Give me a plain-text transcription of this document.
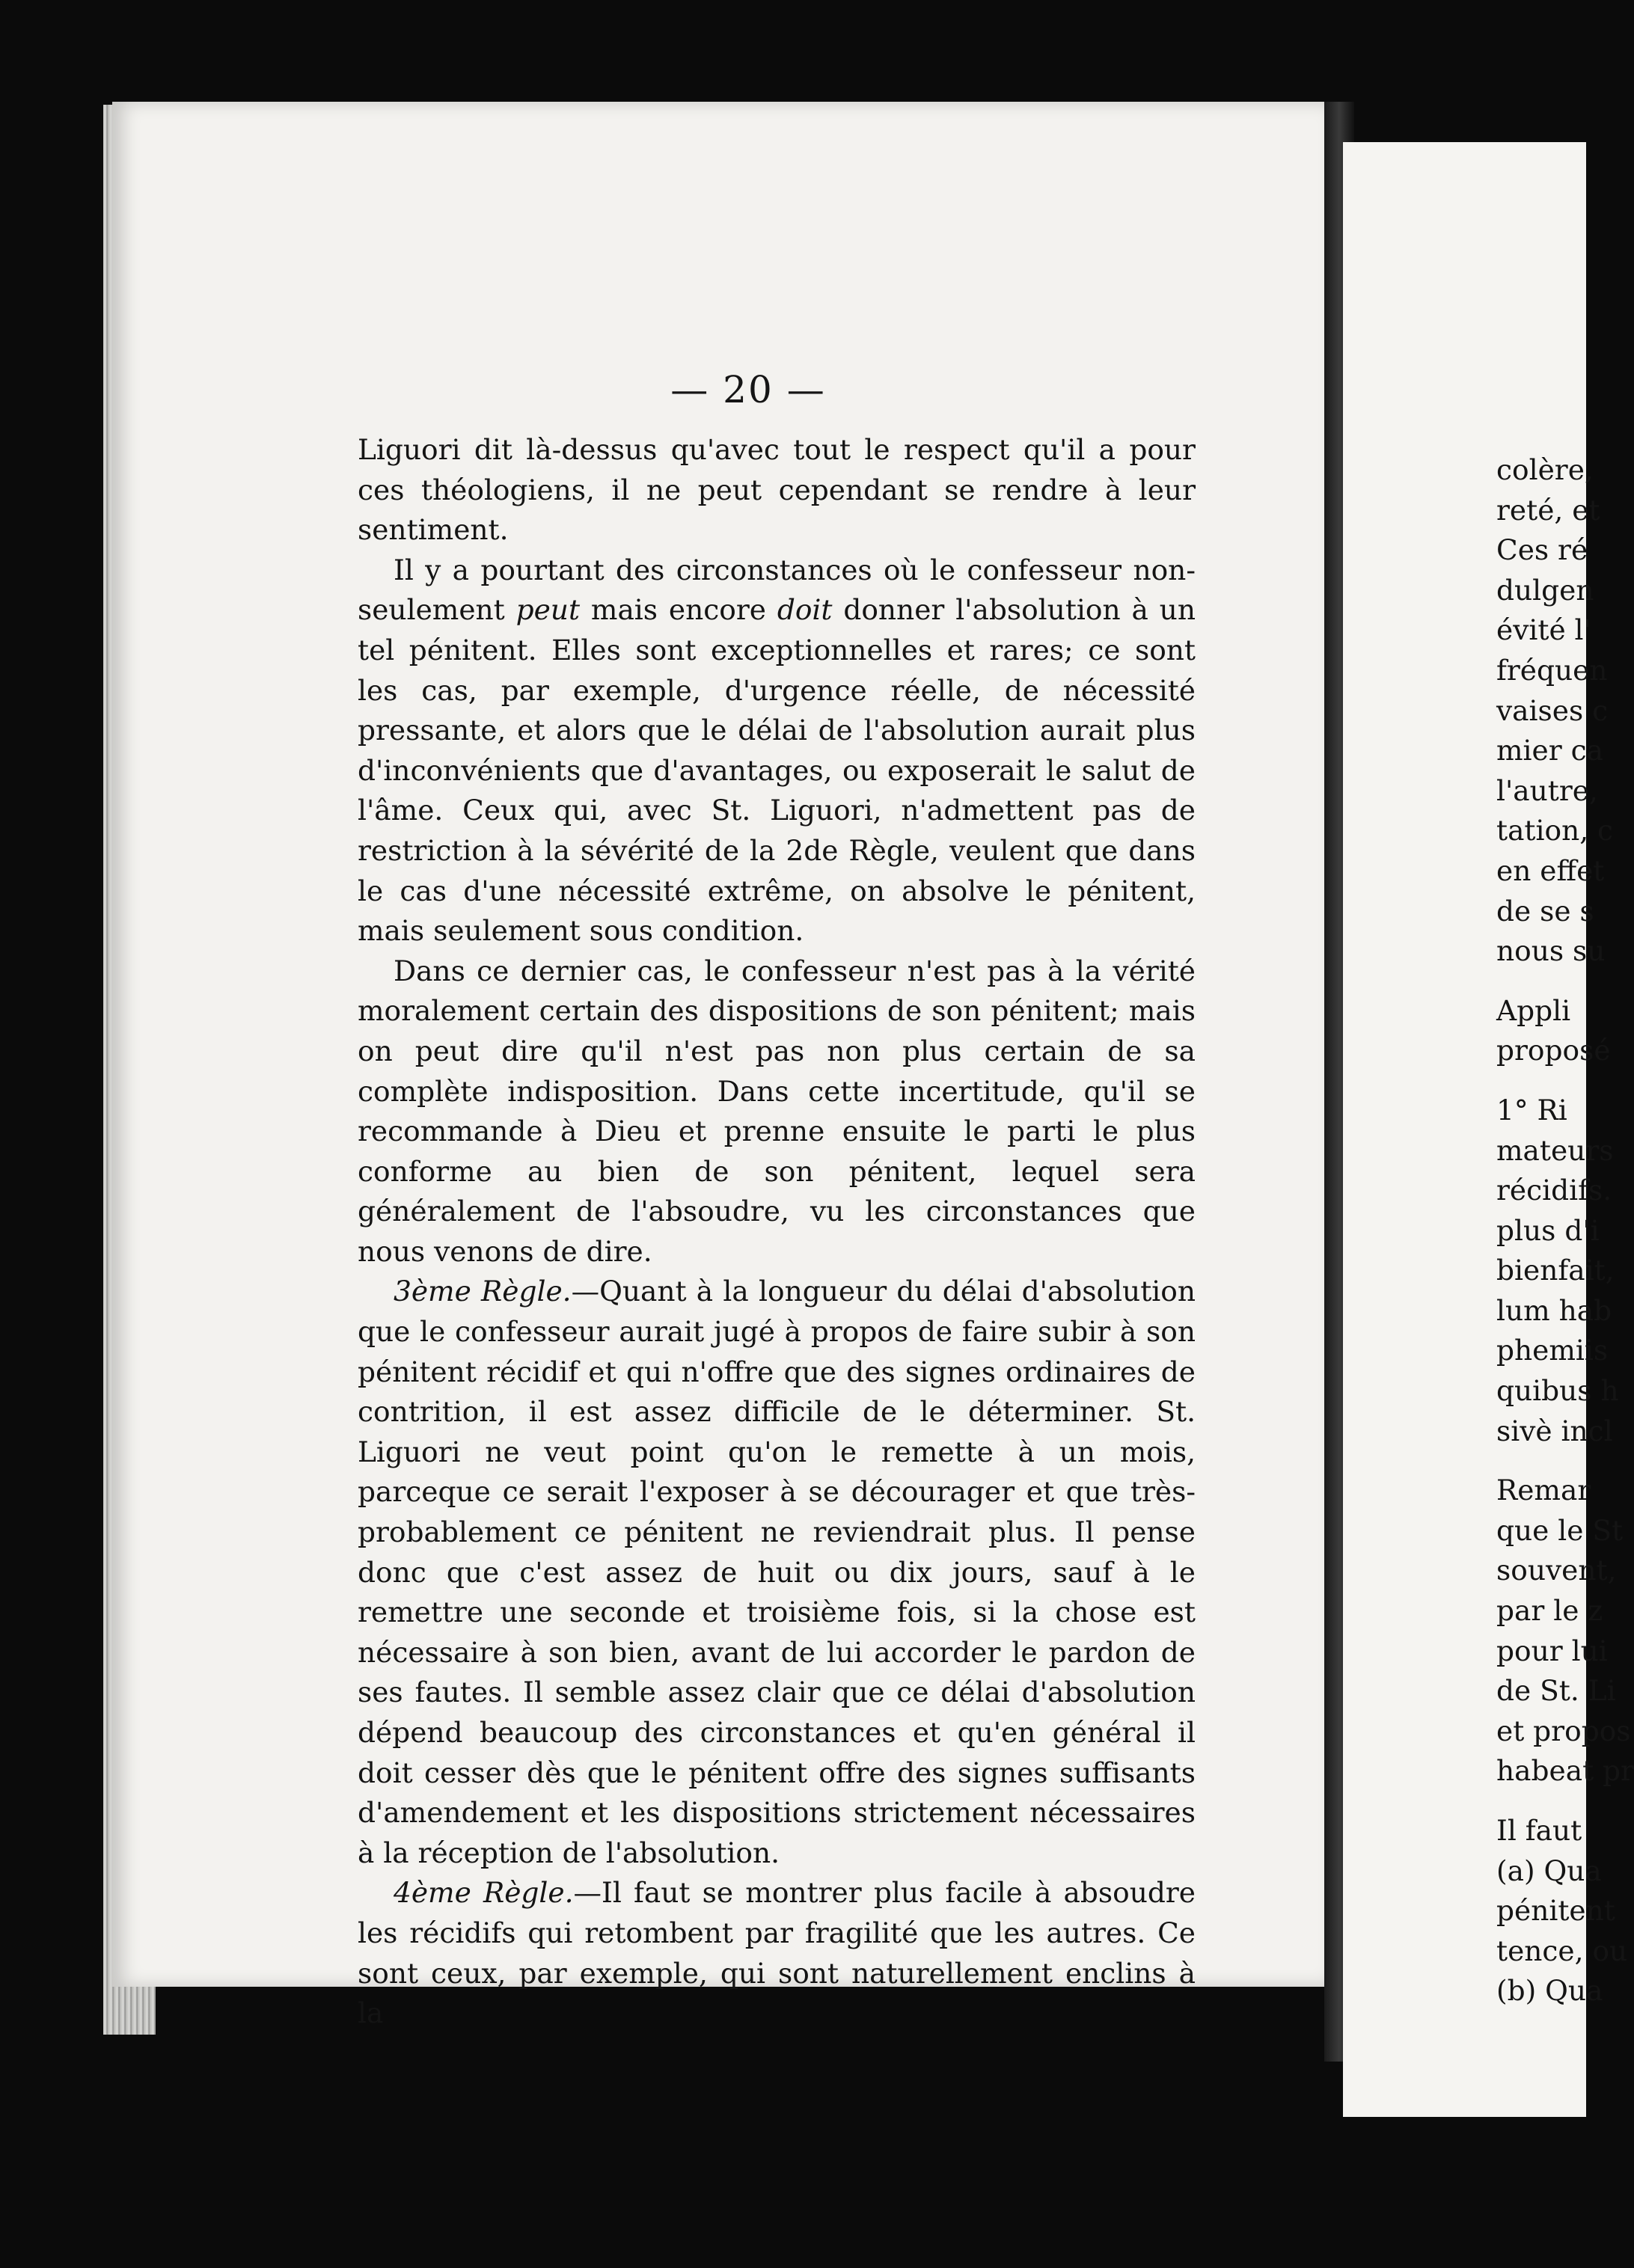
— 20 —

Liguori dit là-dessus qu'avec tout le respect qu'il a pour ces théologiens, il ne peut cependant se rendre à leur sentiment.

Il y a pourtant des circonstances où le confesseur non-seulement peut mais encore doit donner l'absolution à un tel pénitent. Elles sont exceptionnelles et rares; ce sont les cas, par exemple, d'urgence réelle, de nécessité pressante, et alors que le délai de l'absolution aurait plus d'inconvénients que d'avantages, ou exposerait le salut de l'âme. Ceux qui, avec St. Liguori, n'admettent pas de restriction à la sévérité de la 2de Règle, veulent que dans le cas d'une nécessité extrême, on absolve le pénitent, mais seulement sous condition.

Dans ce dernier cas, le confesseur n'est pas à la vérité moralement certain des dispositions de son pénitent; mais on peut dire qu'il n'est pas non plus certain de sa complète indisposition. Dans cette incertitude, qu'il se recommande à Dieu et prenne ensuite le parti le plus conforme au bien de son pénitent, lequel sera généralement de l'absoudre, vu les circonstances que nous venons de dire.

3ème Règle.—Quant à la longueur du délai d'absolution que le confesseur aurait jugé à propos de faire subir à son pénitent récidif et qui n'offre que des signes ordinaires de contrition, il est assez difficile de le déterminer. St. Liguori ne veut point qu'on le remette à un mois, parceque ce serait l'exposer à se décourager et que très-probablement ce pénitent ne reviendrait plus. Il pense donc que c'est assez de huit ou dix jours, sauf à le remettre une seconde et troisième fois, si la chose est nécessaire à son bien, avant de lui accorder le pardon de ses fautes. Il semble assez clair que ce délai d'absolution dépend beaucoup des circonstances et qu'en général il doit cesser dès que le pénitent offre des signes suffisants d'amendement et les dispositions strictement nécessaires à la réception de l'absolution.

4ème Règle.—Il faut se montrer plus facile à absoudre les récidifs qui retombent par fragilité que les autres. Ce sont ceux, par exemple, qui sont naturellement enclins à la

colère,
reté, et
Ces ré
dulgen
évité l'
fréquen
vaises c
mier ca
l'autre,
tation, c
en effet
de se s
nous su
Appli
proposé
1° Ri
mateurs
récidifs.
plus d'i
bienfait,
lum hab
phemiis
quibus h
sivè incl
Remar
que le St
souvent,
par le z
pour lui
de St. Li
et propos
habeat pr
Il faut
(a) Qua
pénitent
tence, ou
(b) Qua
